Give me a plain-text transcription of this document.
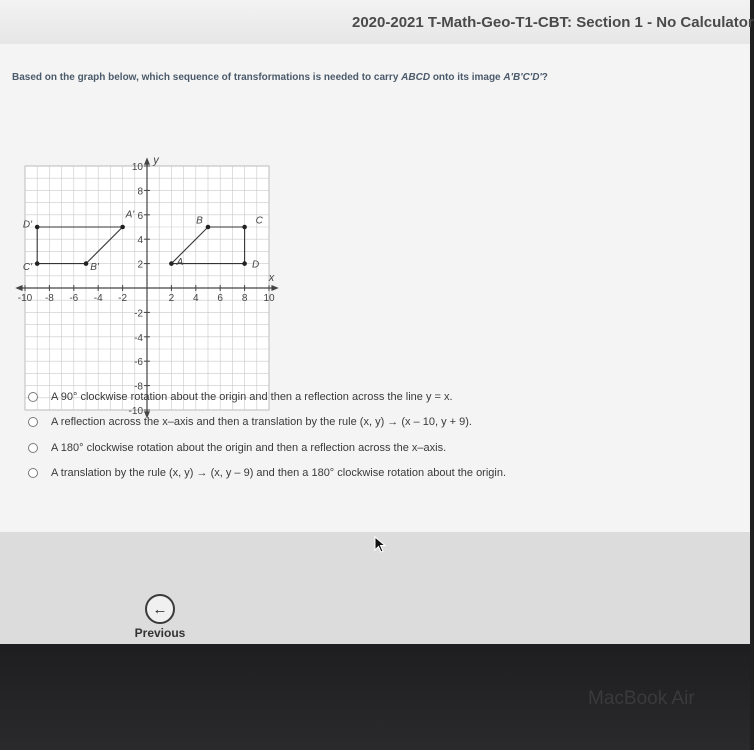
2020-2021 T-Math-Geo-T1-CBT: Section 1 - No Calculator
Based on the graph below, which sequence of transformations is needed to carry ABCD onto its image A'B'C'D'?
-10 -8 -6 -4 -2	2 4 6 8 10
10
8
6
4
2
-2
-4
-6
-8
-10
x
y
A
B	C
D
A'
B'
C'
D'
A 90° clockwise rotation about the origin and then a reflection across the line y = x.
A reflection across the x–axis and then a translation by the rule (x, y) → (x – 10, y + 9).
A 180° clockwise rotation about the origin and then a reflection across the x–axis.
A translation by the rule (x, y) → (x, y – 9) and then a 180° clockwise rotation about the origin.
←
Previous
MacBook Air
